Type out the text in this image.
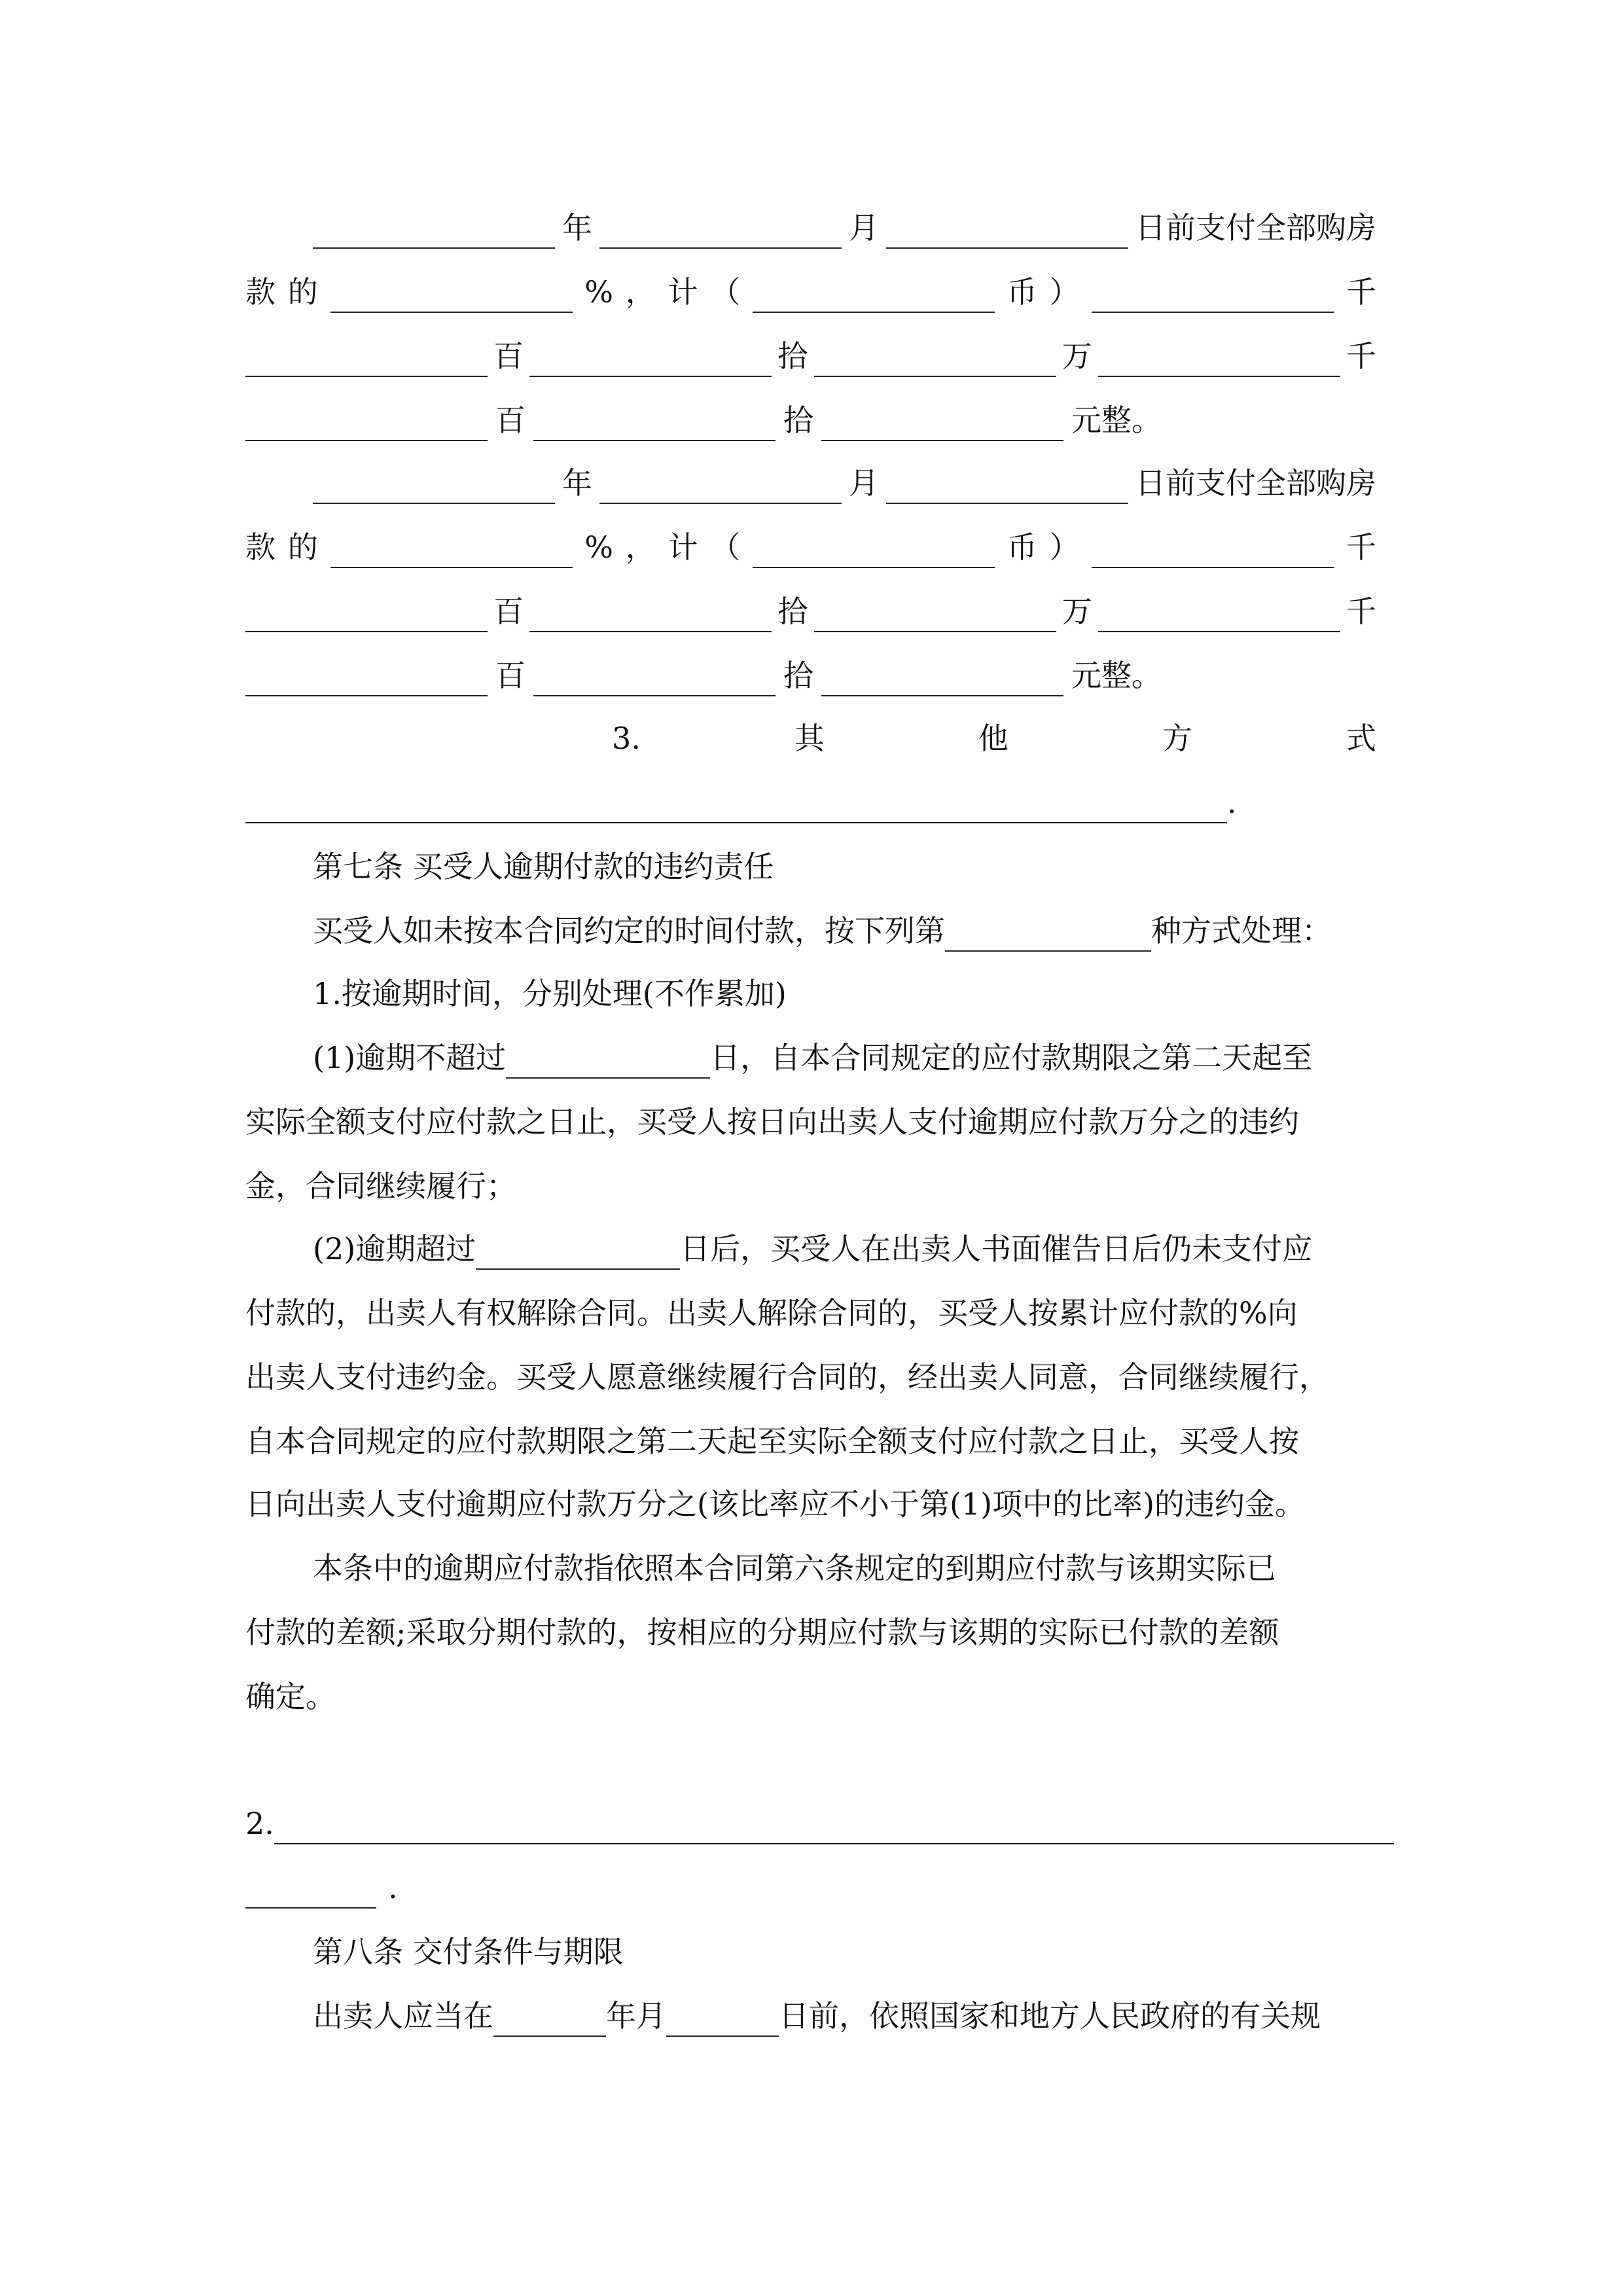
年	月	日前支付全部购房
款 的	% ， 计 （	币 ）	千
百	拾	万	千
百	拾	元整。
年	月	日前支付全部购房
款 的	% ， 计 （	币 ）	千
百	拾	万	千
百	拾	元整。
3.	其	他	方	式
.
第七条 买受人逾期付款的违约责任
买受人如未按本合同约定的时间付款，按下列第	种方式处理：
1.按逾期时间，分别处理(不作累加)
(1)逾期不超过	日，自本合同规定的应付款期限之第二天起至
实际全额支付应付款之日止，买受人按日向出卖人支付逾期应付款万分之的违约
金，合同继续履行；
(2)逾期超过	日后，买受人在出卖人书面催告日后仍未支付应
付款的，出卖人有权解除合同。出卖人解除合同的，买受人按累计应付款的%向
出卖人支付违约金。买受人愿意继续履行合同的，经出卖人同意，合同继续履行，
自本合同规定的应付款期限之第二天起至实际全额支付应付款之日止，买受人按
日向出卖人支付逾期应付款万分之(该比率应不小于第(1)项中的比率)的违约金。
本条中的逾期应付款指依照本合同第六条规定的到期应付款与该期实际已
付款的差额;采取分期付款的，按相应的分期应付款与该期的实际已付款的差额
确定。
2.
.
第八条 交付条件与期限
出卖人应当在	年月	日前，依照国家和地方人民政府的有关规
